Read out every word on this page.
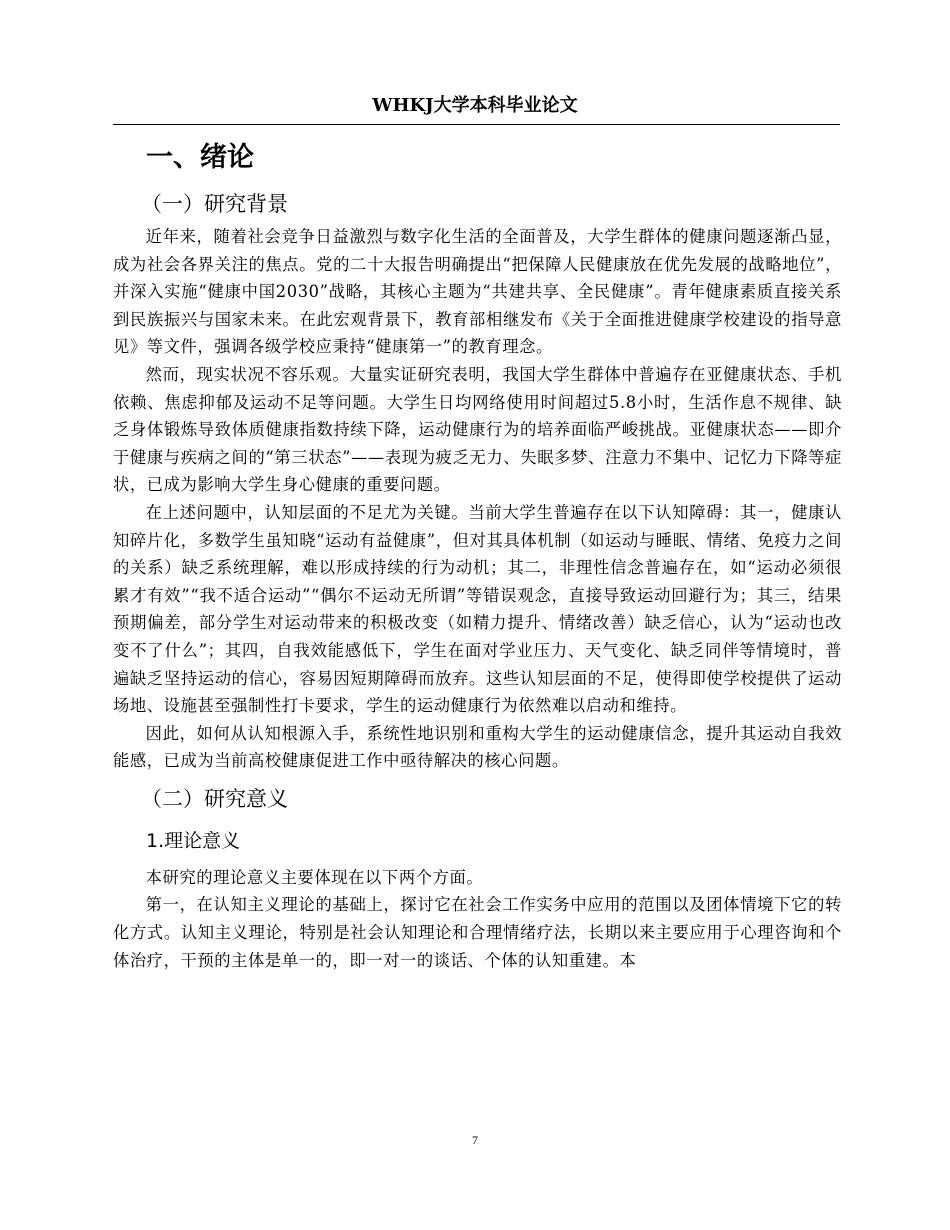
WHKJ大学本科毕业论文
一、绪论
（一）研究背景

近年来，随着社会竞争日益激烈与数字化生活的全面普及，大学生群体的健康问题逐渐凸显，成为社会各界关注的焦点。党的二十大报告明确提出“把保障人民健康放在优先发展的战略地位”，并深入实施“健康中国2030”战略，其核心主题为“共建共享、全民健康”。青年健康素质直接关系到民族振兴与国家未来。在此宏观背景下，教育部相继发布《关于全面推进健康学校建设的指导意见》等文件，强调各级学校应秉持“健康第一”的教育理念。

然而，现实状况不容乐观。大量实证研究表明，我国大学生群体中普遍存在亚健康状态、手机依赖、焦虑抑郁及运动不足等问题。大学生日均网络使用时间超过5.8小时，生活作息不规律、缺乏身体锻炼导致体质健康指数持续下降，运动健康行为的培养面临严峻挑战。亚健康状态——即介于健康与疾病之间的“第三状态”——表现为疲乏无力、失眠多梦、注意力不集中、记忆力下降等症状，已成为影响大学生身心健康的重要问题。

在上述问题中，认知层面的不足尤为关键。当前大学生普遍存在以下认知障碍：其一，健康认知碎片化，多数学生虽知晓“运动有益健康”，但对其具体机制（如运动与睡眠、情绪、免疫力之间的关系）缺乏系统理解，难以形成持续的行为动机；其二，非理性信念普遍存在，如“运动必须很累才有效”“我不适合运动”“偶尔不运动无所谓”等错误观念，直接导致运动回避行为；其三，结果预期偏差，部分学生对运动带来的积极改变（如精力提升、情绪改善）缺乏信心，认为“运动也改变不了什么”；其四，自我效能感低下，学生在面对学业压力、天气变化、缺乏同伴等情境时，普遍缺乏坚持运动的信心，容易因短期障碍而放弃。这些认知层面的不足，使得即使学校提供了运动场地、设施甚至强制性打卡要求，学生的运动健康行为依然难以启动和维持。

因此，如何从认知根源入手，系统性地识别和重构大学生的运动健康信念，提升其运动自我效能感，已成为当前高校健康促进工作中亟待解决的核心问题。

（二）研究意义
1.理论意义

本研究的理论意义主要体现在以下两个方面。

第一，在认知主义理论的基础上，探讨它在社会工作实务中应用的范围以及团体情境下它的转化方式。认知主义理论，特别是社会认知理论和合理情绪疗法，长期以来主要应用于心理咨询和个体治疗，干预的主体是单一的，即一对一的谈话、个体的认知重建。本

7
